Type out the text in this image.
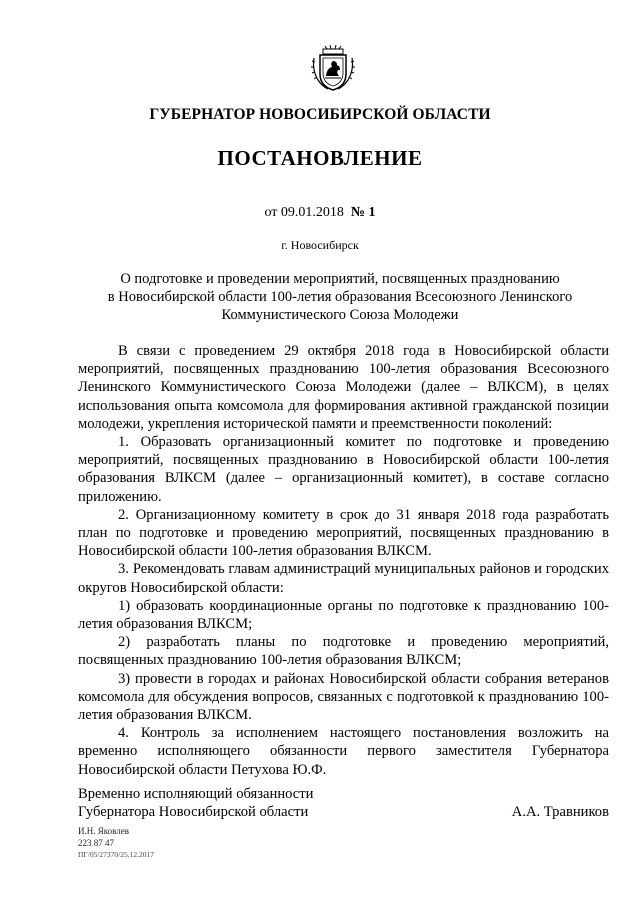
ГУБЕРНАТОР НОВОСИБИРСКОЙ ОБЛАСТИ
ПОСТАНОВЛЕНИЕ
от 09.01.2018 № 1
г. Новосибирск
О подготовке и проведении мероприятий, посвященных празднованию
в Новосибирской области 100-летия образования Всесоюзного Ленинского
Коммунистического Союза Молодежи

В связи с проведением 29 октября 2018 года в Новосибирской области мероприятий, посвященных празднованию 100-летия образования Всесоюзного Ленинского Коммунистического Союза Молодежи (далее – ВЛКСМ), в целях использования опыта комсомола для формирования активной гражданской позиции молодежи, укрепления исторической памяти и преемственности поколений:

1. Образовать организационный комитет по подготовке и проведению мероприятий, посвященных празднованию в Новосибирской области 100-летия образования ВЛКСМ (далее – организационный комитет), в составе согласно приложению.

2. Организационному комитету в срок до 31 января 2018 года разработать план по подготовке и проведению мероприятий, посвященных празднованию в Новосибирской области 100-летия образования ВЛКСМ.

3. Рекомендовать главам администраций муниципальных районов и городских округов Новосибирской области:

1) образовать координационные органы по подготовке к празднованию 100-летия образования ВЛКСМ;

2) разработать планы по подготовке и проведению мероприятий, посвященных празднованию 100-летия образования ВЛКСМ;

3) провести в городах и районах Новосибирской области собрания ветеранов комсомола для обсуждения вопросов, связанных с подготовкой к празднованию 100-летия образования ВЛКСМ.

4. Контроль за исполнением настоящего постановления возложить на временно исполняющего обязанности первого заместителя Губернатора Новосибирской области Петухова Ю.Ф.

Временно исполняющий обязанности
Губернатора Новосибирской области	А.А. Травников
И.Н. Яковлев
223 87 47
ПГ/05/27370/25.12.2017
